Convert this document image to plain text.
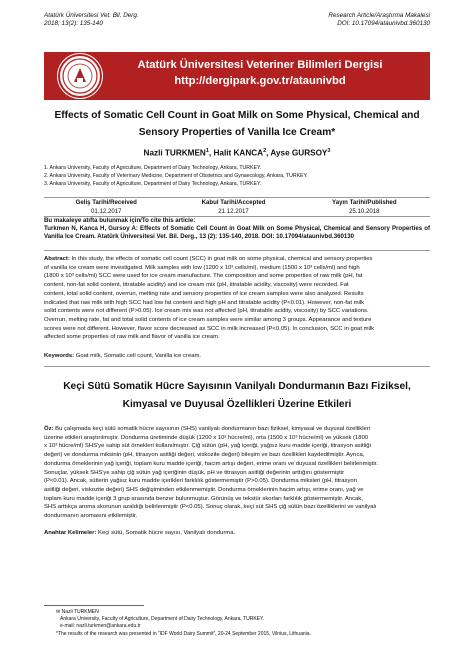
Atatürk Üniversitesi Vet. Bil. Derg.
2018; 13(2): 135-140
Research Article/Araştırma Makalesi
DOI: 10.17094/ataunivbd.360130
Atatürk Üniversitesi Veteriner Bilimleri Dergisi
http://dergipark.gov.tr/ataunivbd
Effects of Somatic Cell Count in Goat Milk on Some Physical, Chemical and
Sensory Properties of Vanilla Ice Cream*
Nazli TURKMEN$^1$, Halit KANCA$^2$, Ayse GURSOY$^3$
1. Ankara University, Faculty of Agriculture, Department of Dairy Technology, Ankara, TURKEY.
2. Ankara University, Faculty of Veterinary Medicine, Department of Obstetrics and Gynaecology, Ankara, TURKEY.
3. Ankara University, Faculty of Agriculture, Department of Dairy Technology, Ankara, TURKEY.
Geliş Tarihi/Received	Kabul Tarihi/Accepted	Yayın Tarihi/Published
01.12.2017	21.12.2017	25.10.2018
Bu makaleye atıfta bulunmak için/To cite this article:
Turkmen N, Kanca H, Gursoy A: Effects of Somatic Cell Count in Goat Milk on Some Physical, Chemical and Sensory Properties of Vanilla Ice Cream. Atatürk Üniversitesi Vet. Bil. Derg., 13 (2): 135-140, 2018. DOI: 10.17094/ataunivbd.360130
Abstract: In this study, the effects of somatic cell count (SCC) in goat milk on some physical, chemical and sensory properties
of vanilla ice cream were investigated. Milk samples with low (1200 x 10³ cells/ml), medium (1500 x 10³ cells/ml) and high
(1800 x 10³ cells/ml) SCC were used for ice cream manufacture. The composition and some properties of raw milk (pH, fat
content, non-fat solid content, titratable acidity) and ice cream mix (pH, titratable acidity, viscosity) were recorded. Fat
content, total solid content, overrun, melting rate and sensory properties of ice cream samples were also analyzed. Results
indicated that raw milk with high SCC had low fat content and high pH and titratable acidity (P<0.01). However, non-fat milk
solid contents were not different (P>0.05). Ice cream mix was not affected (pH, titratable acidity, viscosity) by SCC variations.
Overrun, melting rate, fat and total solid contents of ice cream samples were similar among 3 groups. Appearance and texture
scores were not different. However, flavor score decreased as SCC in milk increased (P<0.05). In conclusion, SCC in goat milk
affected some properties of raw milk and flavor of vanilla ice cream.
Keywords: Goat milk, Somatic cell count, Vanilla ice cream.
Keçi Sütü Somatik Hücre Sayısının Vanilyalı Dondurmanın Bazı Fiziksel,
Kimyasal ve Duyusal Özellikleri Üzerine Etkileri
Öz: Bu çalışmada keçi sütü somatik hücre sayısının (SHS) vanilyalı dondurmanın bazı fiziksel, kimyasal ve duyusal özellikleri
üzerine etkileri araştırılmıştır. Dondurma üretiminde düşük (1200 x 10³ hücre/ml), orta (1500 x 10³ hücre/ml) ve yüksek (1800
x 10³ hücre/ml) SHS'ye sahip süt örnekleri kullanılmıştır. Çiğ sütün (pH, yağ içeriği, yağsız kuru madde içeriği, titrasyon asitliği
değeri) ve dondurma miksinin (pH, titrasyon asitliği değeri, viskozite değeri) bileşim ve bazı özellikleri kaydedilmiştir. Ayrıca,
dondurma örneklerinin yağ içeriği, toplam kuru madde içeriği, hacim artışı değeri, erime oranı ve duyusal özellikleri belirlenmiştir.
Sonuçlar, yüksek SHS'ye sahip çiğ sütün yağ içeriğinin düşük, pH ve titrasyon asitliği değerinin arttığını göstermiştir
(P<0.01). Ancak, sütlerin yağsız kuru madde içerikleri farklılık göstermemiştir (P>0.05). Dondurma miksleri (pH, titrasyon
asitliği değeri, viskozite değeri) SHS değişiminden etkilenmemiştir. Dondurma örneklerinin hacim artışı, erime oranı, yağ ve
toplam kuru madde içeriği 3 grup arasında benzer bulunmuştur. Görünüş ve tekstür skorları farklılık göstermemiştir. Ancak,
SHS arttıkça aroma skorunun azaldığı belirlenmiştir (P<0.05). Sonuç olarak, keçi süt SHS çiğ sütün bazı özelliklerini ve vanilyalı
dondurmanın aromasını etkilemiştir.
Anahtar Kelimeler: Keçi sütü, Somatik hücre sayısı, Vanilyalı dondurma.
✉ Nazli TURKMEN
Ankara University, Faculty of Agriculture, Department of Dairy Technology, Ankara, TURKEY.
e-mail: nazli.turkmen@ankara.edu.tr
*The results of the research was presented in “IDF World Dairy Summit”, 20-24 September 2015, Vilnius, Lithuania.
